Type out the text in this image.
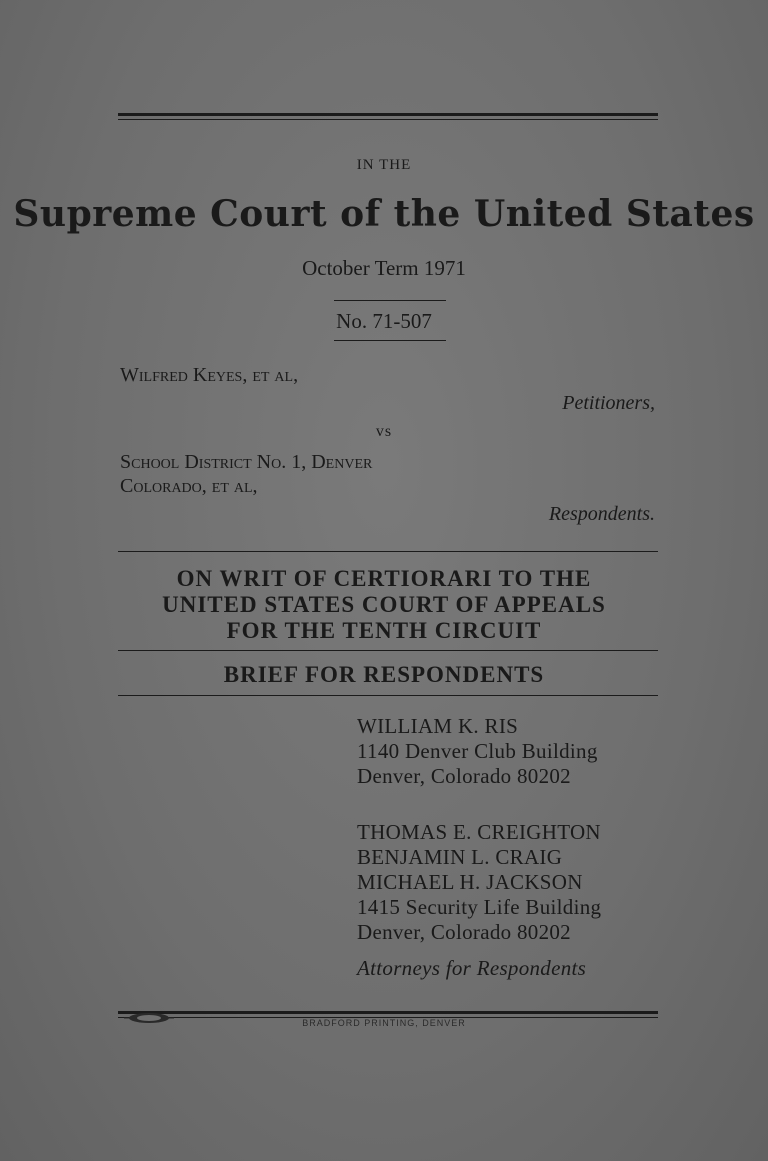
IN THE
Supreme Court of the United States
October Term 1971
No. 71-507
Wilfred Keyes, et al,
Petitioners,
vs
School District No. 1, Denver
Colorado, et al,
Respondents.
ON WRIT OF CERTIORARI TO THE
UNITED STATES COURT OF APPEALS
FOR THE TENTH CIRCUIT
BRIEF FOR RESPONDENTS
WILLIAM K. RIS
1140 Denver Club Building
Denver, Colorado 80202
THOMAS E. CREIGHTON
BENJAMIN L. CRAIG
MICHAEL H. JACKSON
1415 Security Life Building
Denver, Colorado 80202
Attorneys for Respondents
BRADFORD PRINTING, DENVER
